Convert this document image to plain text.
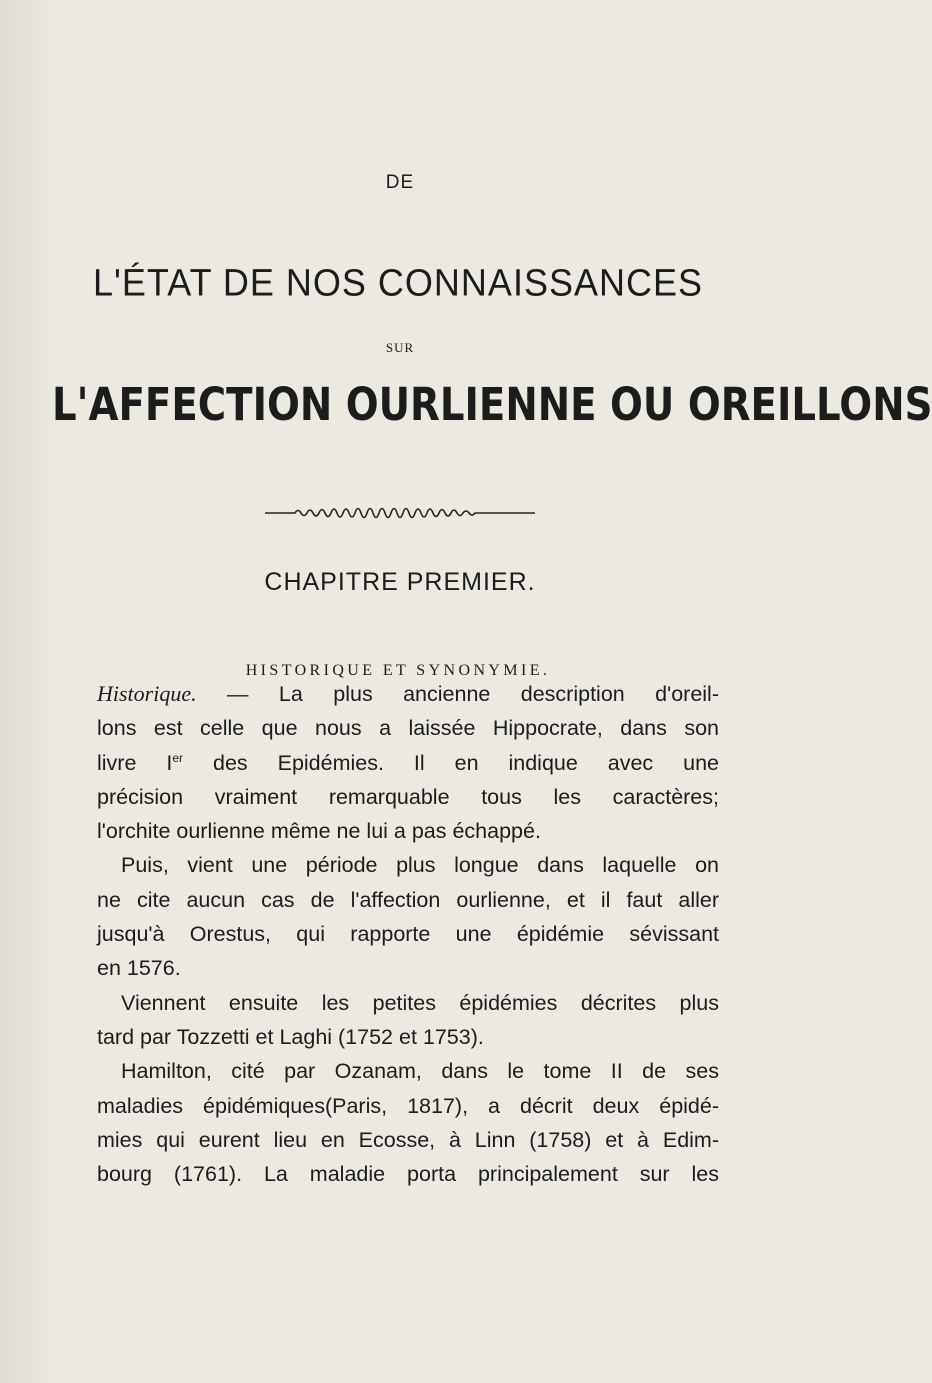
DE
L'ÉTAT DE NOS CONNAISSANCES
SUR
L'AFFECTION OURLIENNE OU OREILLONS
CHAPITRE PREMIER.
HISTORIQUE ET SYNONYMIE.
Historique. — La plus ancienne description d'oreil-
lons est celle que nous a laissée Hippocrate, dans son
livre Ier des Epidémies. Il en indique avec une
précision vraiment remarquable tous les caractères;
l'orchite ourlienne même ne lui a pas échappé.
Puis, vient une période plus longue dans laquelle on
ne cite aucun cas de l'affection ourlienne, et il faut aller
jusqu'à Orestus, qui rapporte une épidémie sévissant
en 1576.
Viennent ensuite les petites épidémies décrites plus
tard par Tozzetti et Laghi (1752 et 1753).
Hamilton, cité par Ozanam, dans le tome II de ses
maladies épidémiques(Paris, 1817), a décrit deux épidé-
mies qui eurent lieu en Ecosse, à Linn (1758) et à Edim-
bourg (1761). La maladie porta principalement sur les
